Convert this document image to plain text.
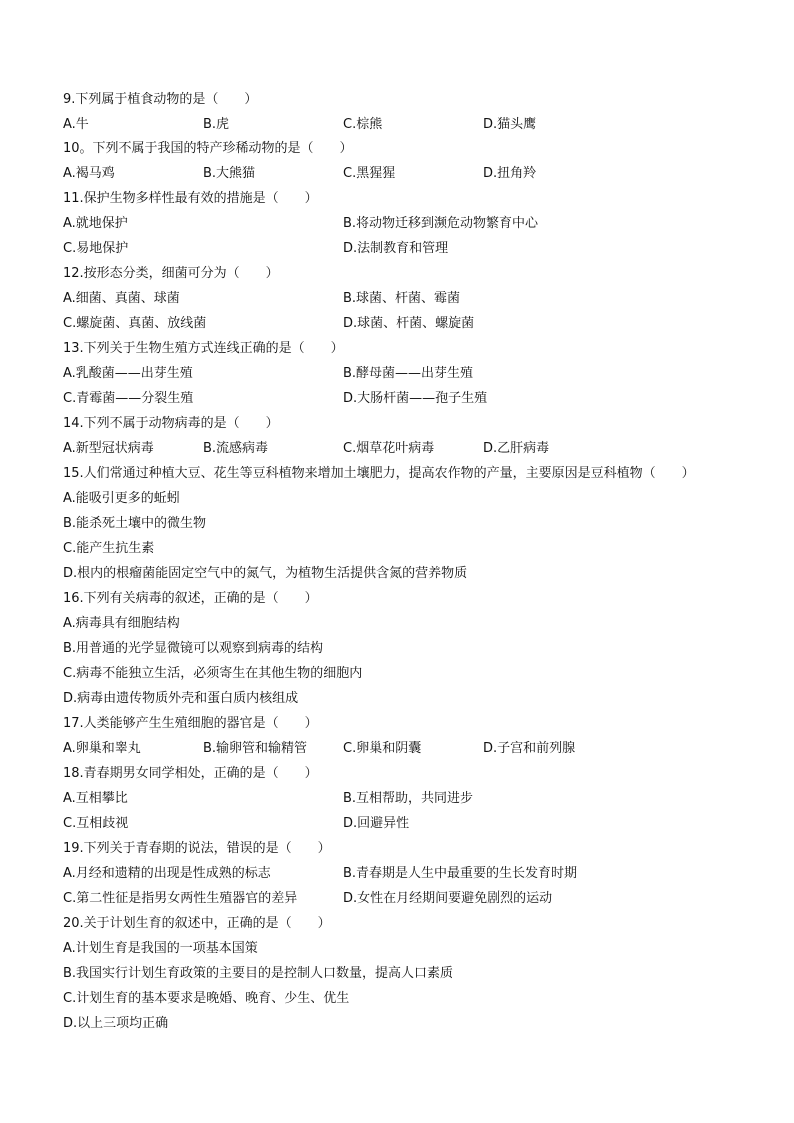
9.下列属于植食动物的是（　　）
A.牛	B.虎	C.棕熊	D.猫头鹰
10。下列不属于我国的特产珍稀动物的是（　　）
A.褐马鸡	B.大熊猫	C.黑猩猩	D.扭角羚
11.保护生物多样性最有效的措施是（　　）
A.就地保护	B.将动物迁移到濒危动物繁育中心
C.易地保护	D.法制教育和管理
12.按形态分类，细菌可分为（　　）
A.细菌、真菌、球菌	B.球菌、杆菌、霉菌
C.螺旋菌、真菌、放线菌	D.球菌、杆菌、螺旋菌
13.下列关于生物生殖方式连线正确的是（　　）
A.乳酸菌——出芽生殖	B.酵母菌——出芽生殖
C.青霉菌——分裂生殖	D.大肠杆菌——孢子生殖
14.下列不属于动物病毒的是（　　）
A.新型冠状病毒	B.流感病毒	C.烟草花叶病毒	D.乙肝病毒
15.人们常通过种植大豆、花生等豆科植物来增加土壤肥力，提高农作物的产量，主要原因是豆科植物（　　）
A.能吸引更多的蚯蚓
B.能杀死土壤中的微生物
C.能产生抗生素
D.根内的根瘤菌能固定空气中的氮气，为植物生活提供含氮的营养物质
16.下列有关病毒的叙述，正确的是（　　）
A.病毒具有细胞结构
B.用普通的光学显微镜可以观察到病毒的结构
C.病毒不能独立生活，必须寄生在其他生物的细胞内
D.病毒由遗传物质外壳和蛋白质内核组成
17.人类能够产生生殖细胞的器官是（　　）
A.卵巢和睾丸	B.输卵管和输精管	C.卵巢和阴囊	D.子宫和前列腺
18.青春期男女同学相处，正确的是（　　）
A.互相攀比	B.互相帮助，共同进步
C.互相歧视	D.回避异性
19.下列关于青春期的说法，错误的是（　　）
A.月经和遗精的出现是性成熟的标志	B.青春期是人生中最重要的生长发育时期
C.第二性征是指男女两性生殖器官的差异	D.女性在月经期间要避免剧烈的运动
20.关于计划生育的叙述中，正确的是（　　）
A.计划生育是我国的一项基本国策
B.我国实行计划生育政策的主要目的是控制人口数量，提高人口素质
C.计划生育的基本要求是晚婚、晚育、少生、优生
D.以上三项均正确
